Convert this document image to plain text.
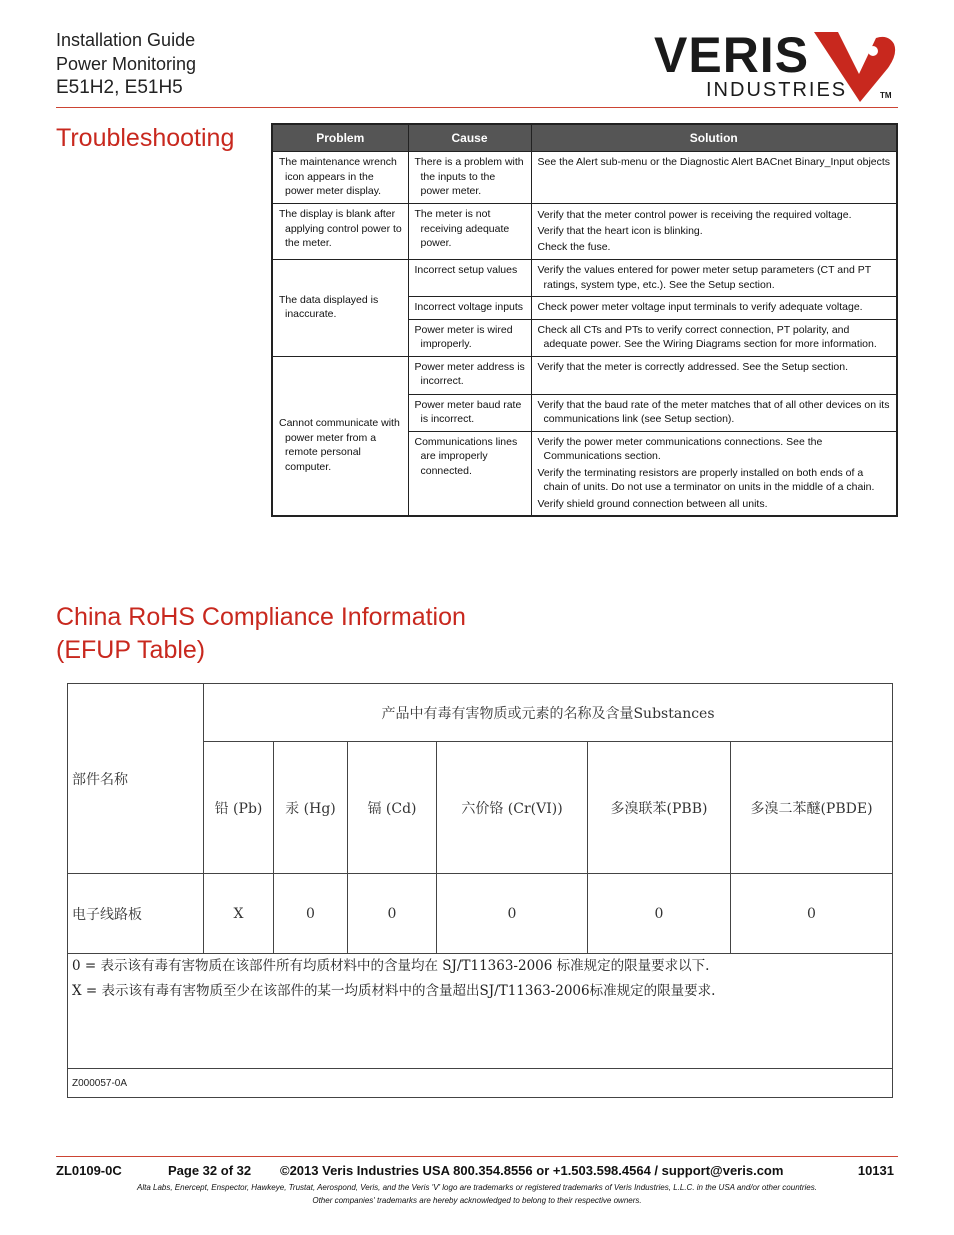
Installation Guide
Power Monitoring
E51H2, E51H5
VERIS
INDUSTRIES	TM
Troubleshooting	Problem	Cause	Solution

The maintenance wrench icon appears in the power meter display.	There is a problem with the inputs to the power meter.	See the Alert sub-menu or the Diagnostic Alert BACnet Binary_Input objects

The display is blank after applying control power to the meter.	The meter is not receiving adequate power.	Verify that the meter control power is receiving the required voltage.
Verify that the heart icon is blinking.
Check the fuse.

The data displayed is inaccurate.	Incorrect setup values	Verify the values entered for power meter setup parameters (CT and PT ratings, system type, etc.). See the Setup section.

	Incorrect voltage inputs	Check power meter voltage input terminals to verify adequate voltage.

	Power meter is wired improperly.	Check all CTs and PTs to verify correct connection, PT polarity, and adequate power. See the Wiring Diagrams section for more information.

Cannot communicate with power meter from a remote personal computer.	Power meter address is incorrect.	Verify that the meter is correctly addressed. See the Setup section.

	Power meter baud rate is incorrect.	Verify that the baud rate of the meter matches that of all other devices on its communications link (see Setup section).

	Communications lines are improperly connected.	Verify the power meter communications connections. See the Communications section.
Verify the terminating resistors are properly installed on both ends of a chain of units. Do not use a terminator on units in the middle of a chain.
Verify shield ground connection between all units.
China RoHS Compliance Information
(EFUP Table)
部件名称	产品中有毒有害物质或元素的名称及含量Substances					
	铅 (Pb)	汞 (Hg)	镉 (Cd)	六价铬 (Cr(VI))	多溴联苯(PBB)	多溴二苯醚(PBDE)
电子线路板	X	0	0	0	0	0

0 = 表示该有毒有害物质在该部件所有均质材料中的含量均在 SJ/T11363-2006 标准规定的限量要求以下.
X = 表示该有毒有害物质至少在该部件的某一均质材料中的含量超出SJ/T11363-2006标准规定的限量要求.						

Z000057-0A						
ZL0109-0C	Page 32 of 32 ©2013 Veris Industries USA 800.354.8556 or +1.503.598.4564 / support@veris.com	10131
Alta Labs, Enercept, Enspector, Hawkeye, Trustat, Aerospond, Veris, and the Veris 'V' logo are trademarks or registered trademarks of Veris Industries, L.L.C. in the USA and/or other countries.
Other companies' trademarks are hereby acknowledged to belong to their respective owners.
